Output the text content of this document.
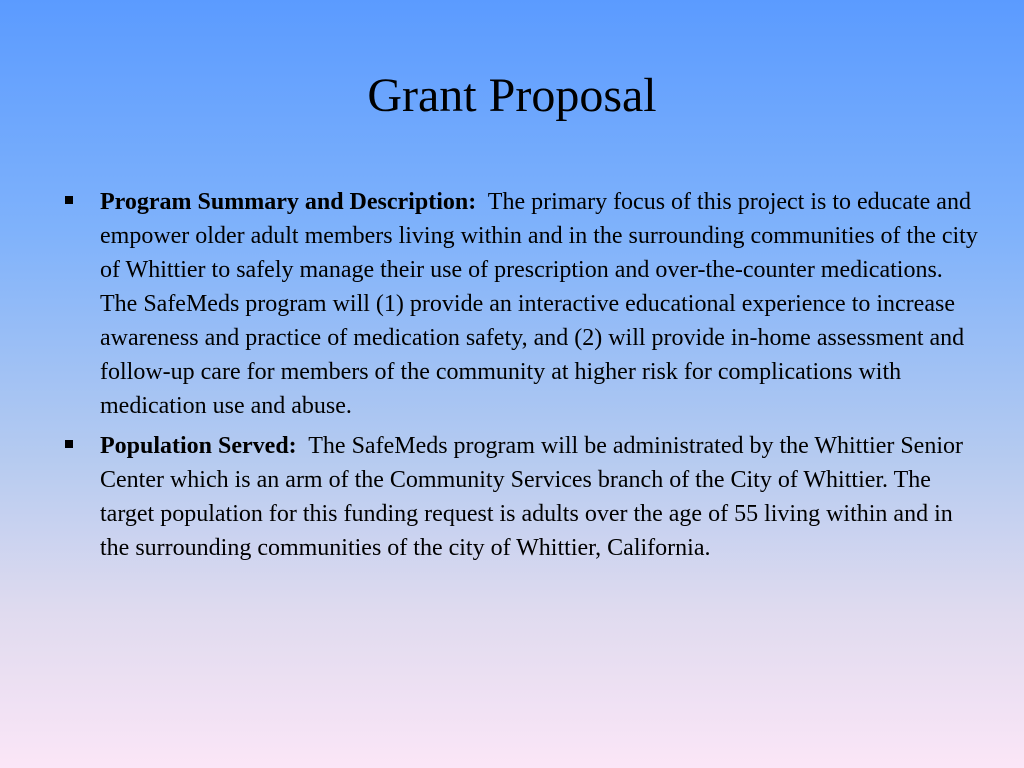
Grant Proposal
Program Summary and Description: The primary focus of this project is to educate and empower older adult members living within and in the surrounding communities of the city of Whittier to safely manage their use of prescription and over-the-counter medications. The SafeMeds program will (1) provide an interactive educational experience to increase awareness and practice of medication safety, and (2) will provide in-home assessment and follow-up care for members of the community at higher risk for complications with medication use and abuse.
Population Served: The SafeMeds program will be administrated by the Whittier Senior Center which is an arm of the Community Services branch of the City of Whittier. The target population for this funding request is adults over the age of 55 living within and in the surrounding communities of the city of Whittier, California.
